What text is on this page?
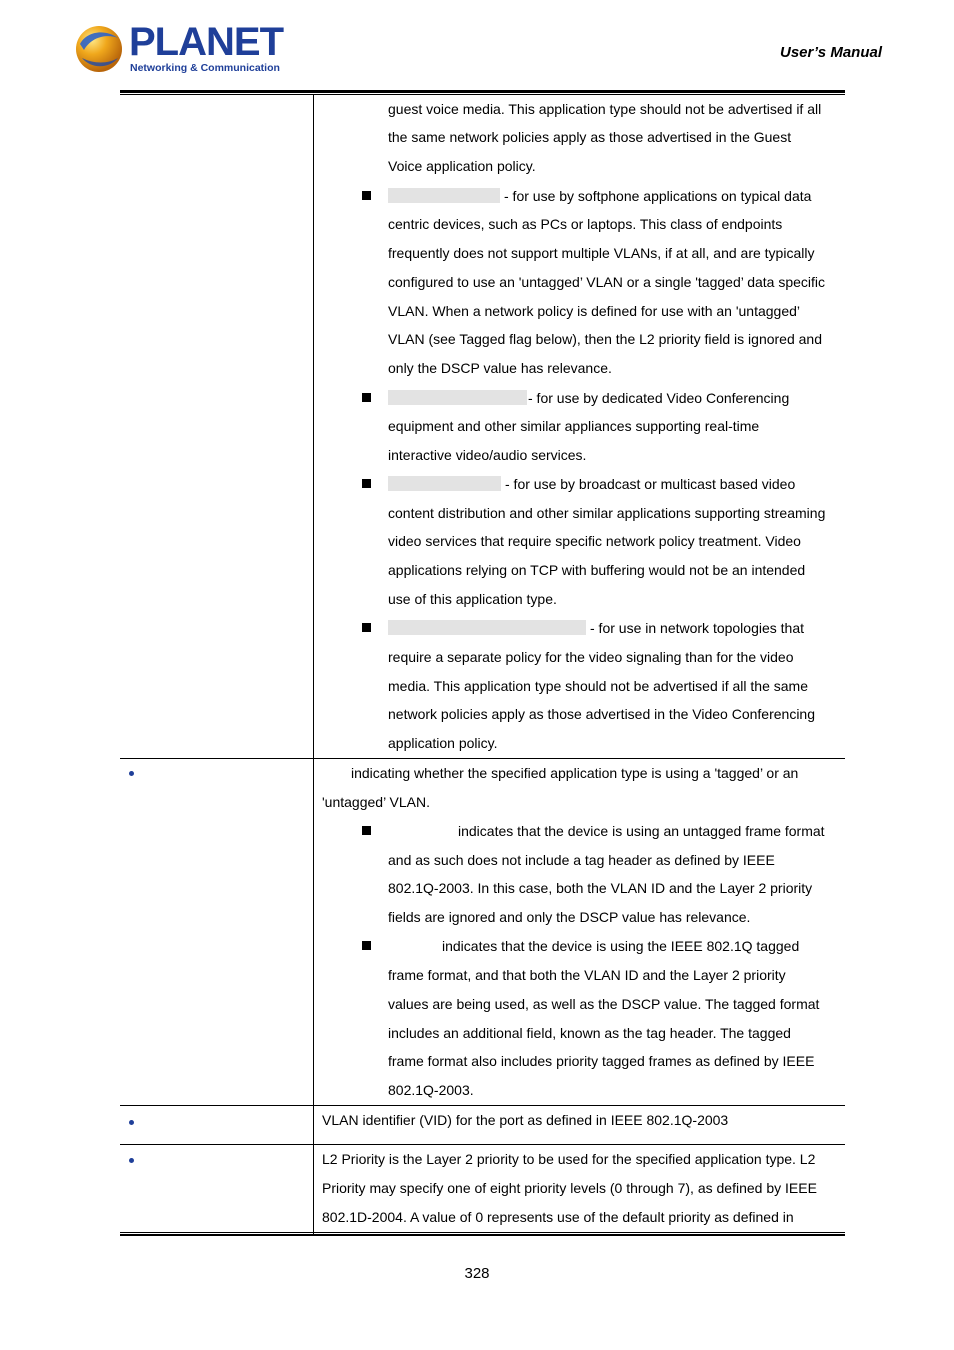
PLANET
Networking & Communication
User’s Manual
guest voice media. This application type should not be advertised if all
the same network policies apply as those advertised in the Guest
Voice application policy.
- for use by softphone applications on typical data
centric devices, such as PCs or laptops. This class of endpoints
frequently does not support multiple VLANs, if at all, and are typically
configured to use an 'untagged’ VLAN or a single 'tagged’ data specific
VLAN. When a network policy is defined for use with an 'untagged’
VLAN (see Tagged flag below), then the L2 priority field is ignored and
only the DSCP value has relevance.
- for use by dedicated Video Conferencing
equipment and other similar appliances supporting real-time
interactive video/audio services.
- for use by broadcast or multicast based video
content distribution and other similar applications supporting streaming
video services that require specific network policy treatment. Video
applications relying on TCP with buffering would not be an intended
use of this application type.
- for use in network topologies that
require a separate policy for the video signaling than for the video
media. This application type should not be advertised if all the same
network policies apply as those advertised in the Video Conferencing
application policy.
indicating whether the specified application type is using a 'tagged’ or an
'untagged’ VLAN.
indicates that the device is using an untagged frame format
and as such does not include a tag header as defined by IEEE
802.1Q-2003. In this case, both the VLAN ID and the Layer 2 priority
fields are ignored and only the DSCP value has relevance.
indicates that the device is using the IEEE 802.1Q tagged
frame format, and that both the VLAN ID and the Layer 2 priority
values are being used, as well as the DSCP value. The tagged format
includes an additional field, known as the tag header. The tagged
frame format also includes priority tagged frames as defined by IEEE
802.1Q-2003.
VLAN identifier (VID) for the port as defined in IEEE 802.1Q-2003
L2 Priority is the Layer 2 priority to be used for the specified application type. L2
Priority may specify one of eight priority levels (0 through 7), as defined by IEEE
802.1D-2004. A value of 0 represents use of the default priority as defined in
328
